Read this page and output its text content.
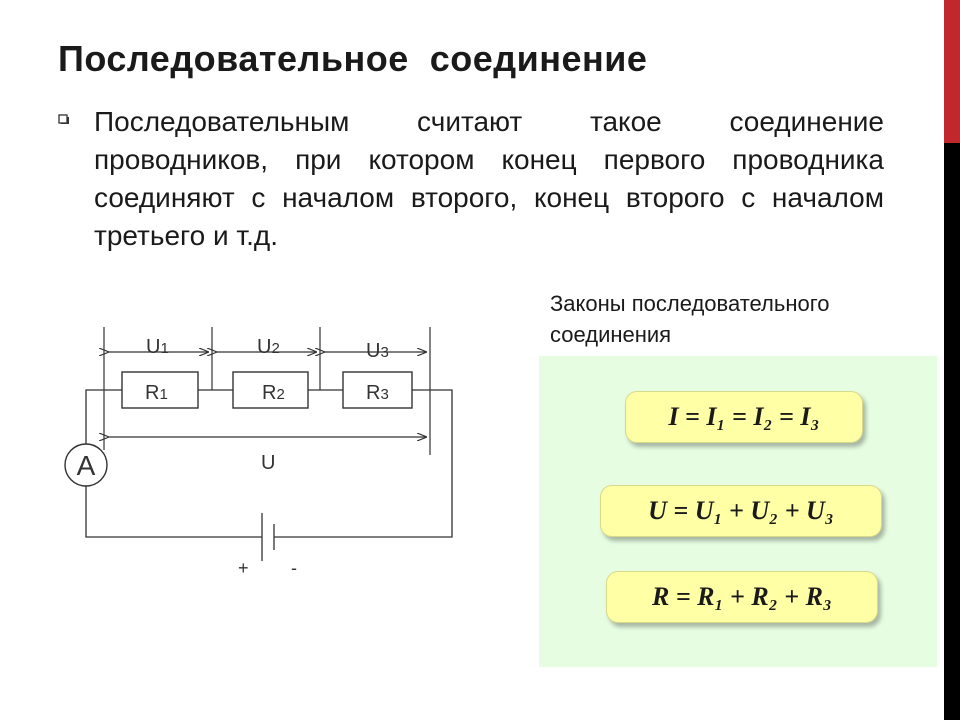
Последовательное  соединение
Последовательным считают такое соединение проводников, при котором конец первого проводника соединяют с началом второго, конец второго с началом третьего и т.д.
R1	R2	R3
U1	U2	U3
U
+ -
A
Законы последовательного
соединения
I = I₁ = I₂ = I₃
U = U₁ + U₂ + U₃
R = R₁ + R₂ + R₃
